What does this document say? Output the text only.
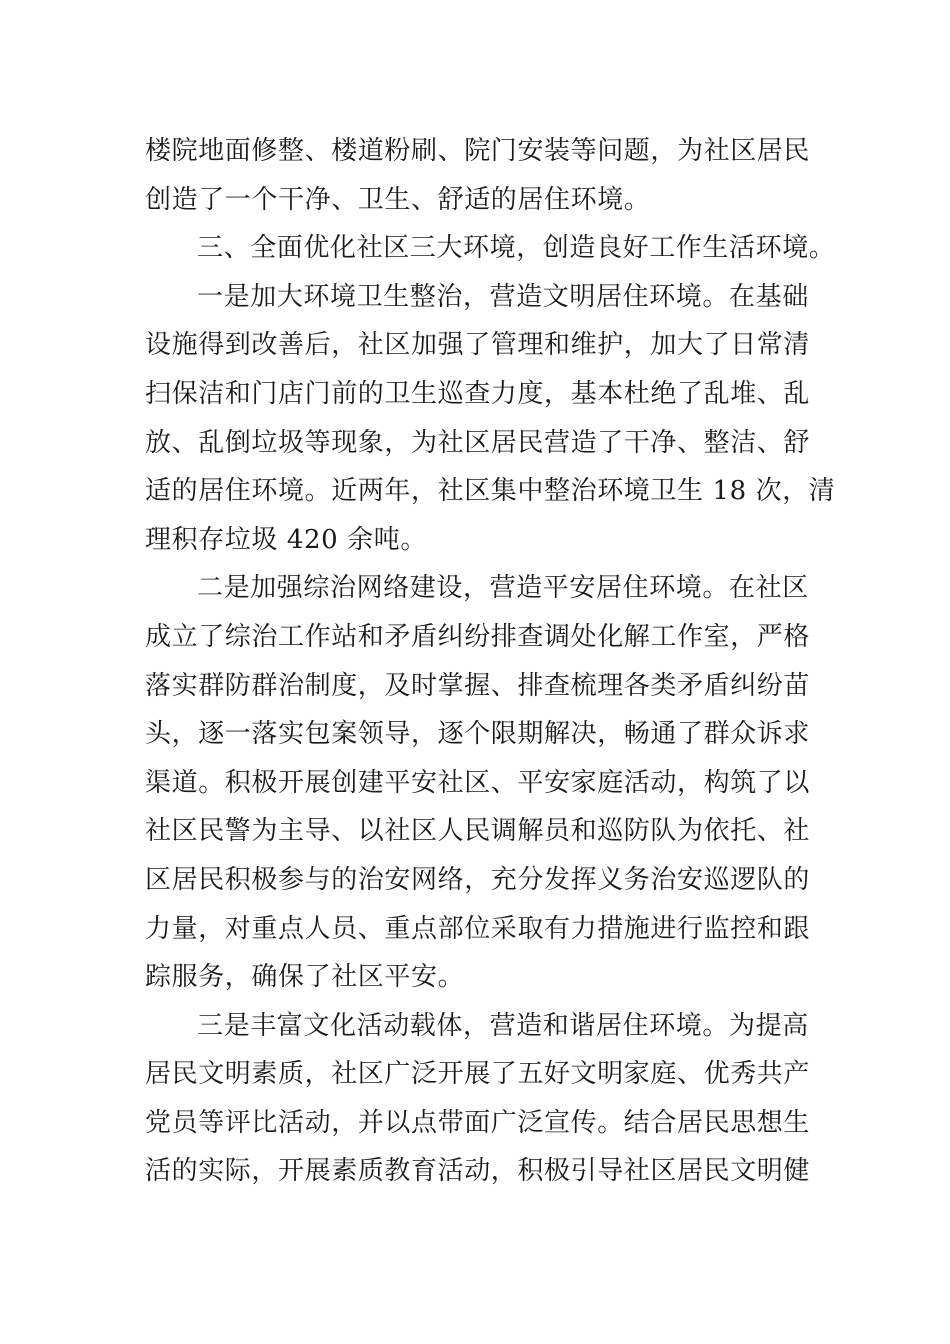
楼院地面修整、楼道粉刷、院门安装等问题，为社区居民
创造了一个干净、卫生、舒适的居住环境。
三、全面优化社区三大环境，创造良好工作生活环境。
一是加大环境卫生整治，营造文明居住环境。在基础
设施得到改善后，社区加强了管理和维护，加大了日常清
扫保洁和门店门前的卫生巡查力度，基本杜绝了乱堆、乱
放、乱倒垃圾等现象，为社区居民营造了干净、整洁、舒
适的居住环境。近两年，社区集中整治环境卫生 18 次，清
理积存垃圾 420 余吨。
二是加强综治网络建设，营造平安居住环境。在社区
成立了综治工作站和矛盾纠纷排查调处化解工作室，严格
落实群防群治制度，及时掌握、排查梳理各类矛盾纠纷苗
头，逐一落实包案领导，逐个限期解决，畅通了群众诉求
渠道。积极开展创建平安社区、平安家庭活动，构筑了以
社区民警为主导、以社区人民调解员和巡防队为依托、社
区居民积极参与的治安网络，充分发挥义务治安巡逻队的
力量，对重点人员、重点部位采取有力措施进行监控和跟
踪服务，确保了社区平安。
三是丰富文化活动载体，营造和谐居住环境。为提高
居民文明素质，社区广泛开展了五好文明家庭、优秀共产
党员等评比活动，并以点带面广泛宣传。结合居民思想生
活的实际，开展素质教育活动，积极引导社区居民文明健
